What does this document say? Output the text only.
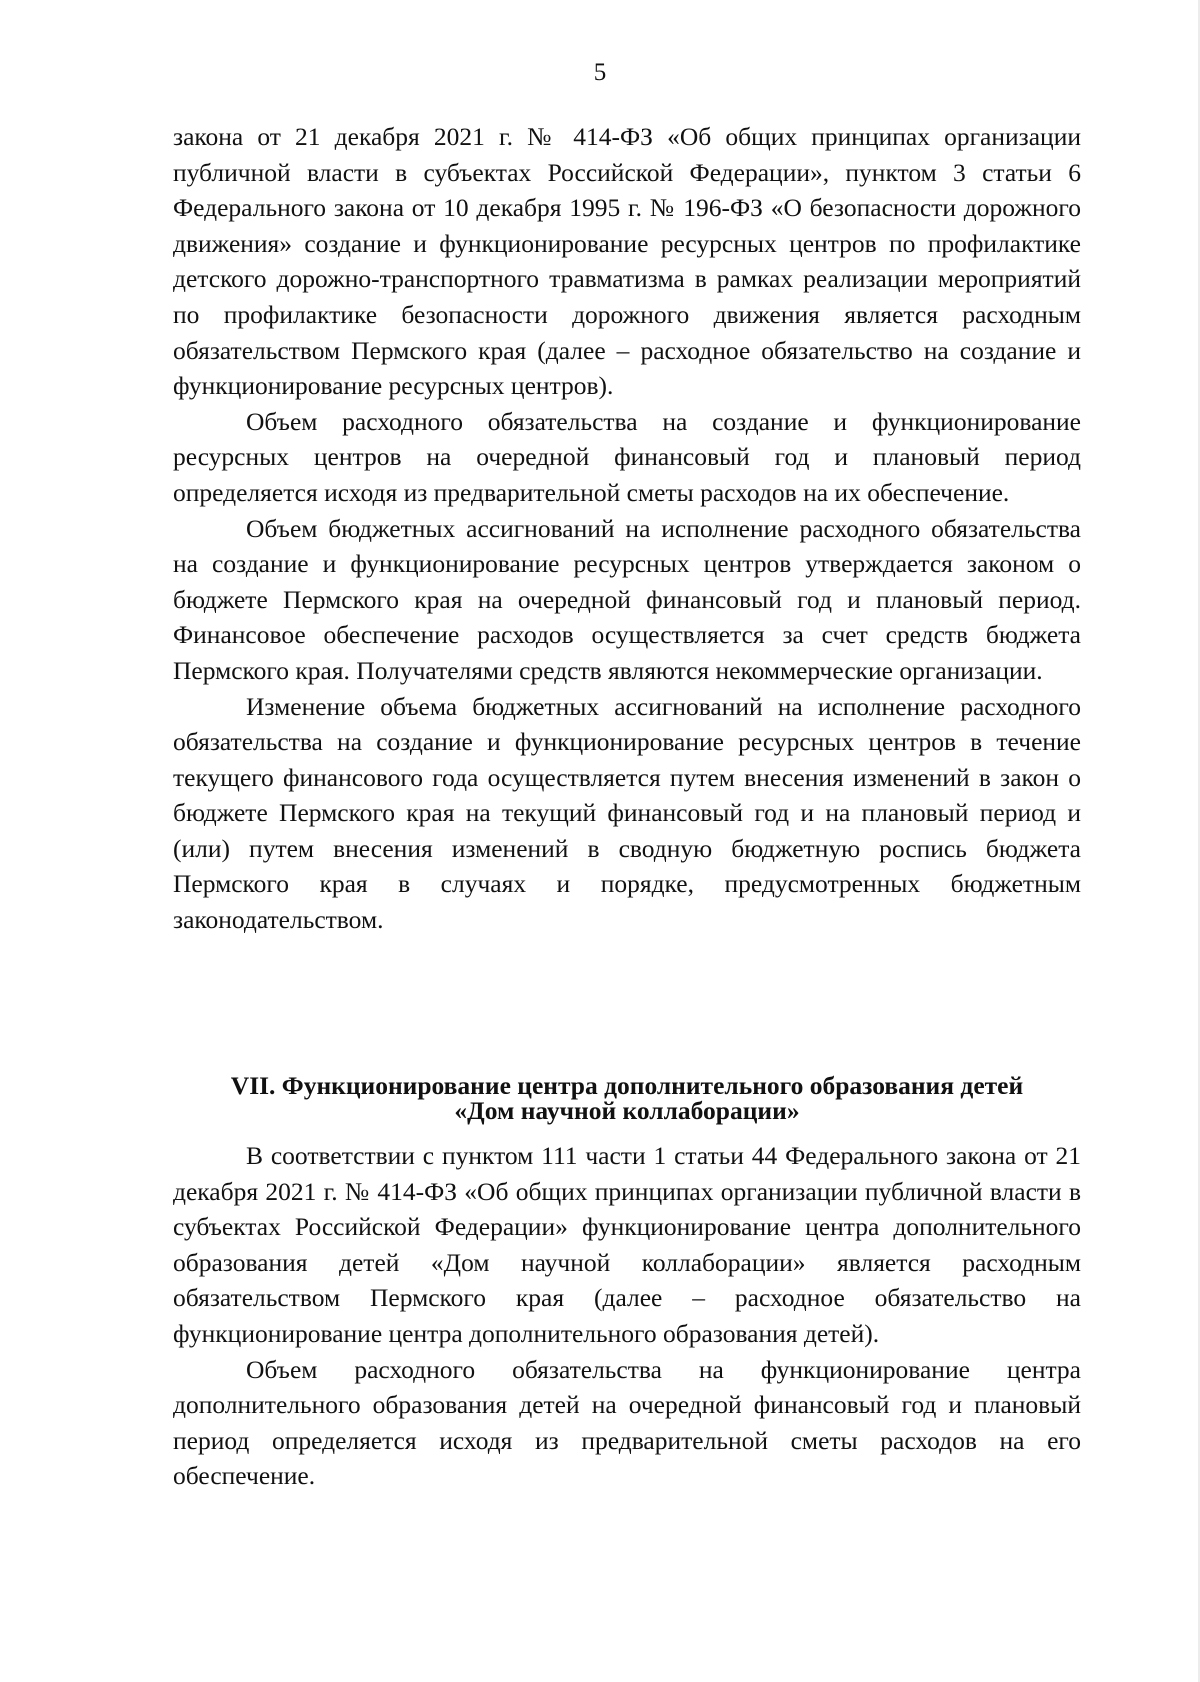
5

закона от 21 декабря 2021 г. № 414-ФЗ «Об общих принципах организации публичной власти в субъектах Российской Федерации», пунктом 3 статьи 6 Федерального закона от 10 декабря 1995 г. № 196-ФЗ «О безопасности дорожного движения» создание и функционирование ресурсных центров по профилактике детского дорожно-транспортного травматизма в рамках реализации мероприятий по профилактике безопасности дорожного движения является расходным обязательством Пермского края (далее – расходное обязательство на создание и функционирование ресурсных центров).

Объем расходного обязательства на создание и функционирование ресурсных центров на очередной финансовый год и плановый период определяется исходя из предварительной сметы расходов на их обеспечение.

Объем бюджетных ассигнований на исполнение расходного обязательства на создание и функционирование ресурсных центров утверждается законом о бюджете Пермского края на очередной финансовый год и плановый период. Финансовое обеспечение расходов осуществляется за счет средств бюджета Пермского края. Получателями средств являются некоммерческие организации.

Изменение объема бюджетных ассигнований на исполнение расходного обязательства на создание и функционирование ресурсных центров в течение текущего финансового года осуществляется путем внесения изменений в закон о бюджете Пермского края на текущий финансовый год и на плановый период и (или) путем внесения изменений в сводную бюджетную роспись бюджета Пермского края в случаях и порядке, предусмотренных бюджетным законодательством.

VII. Функционирование центра дополнительного образования детей
«Дом научной коллаборации»

В соответствии с пунктом 111 части 1 статьи 44 Федерального закона от 21 декабря 2021 г. № 414-ФЗ «Об общих принципах организации публичной власти в субъектах Российской Федерации» функционирование центра дополнительного образования детей «Дом научной коллаборации» является расходным обязательством Пермского края (далее – расходное обязательство на функционирование центра дополнительного образования детей).

Объем расходного обязательства на функционирование центра дополнительного образования детей на очередной финансовый год и плановый период определяется исходя из предварительной сметы расходов на его обеспечение.
